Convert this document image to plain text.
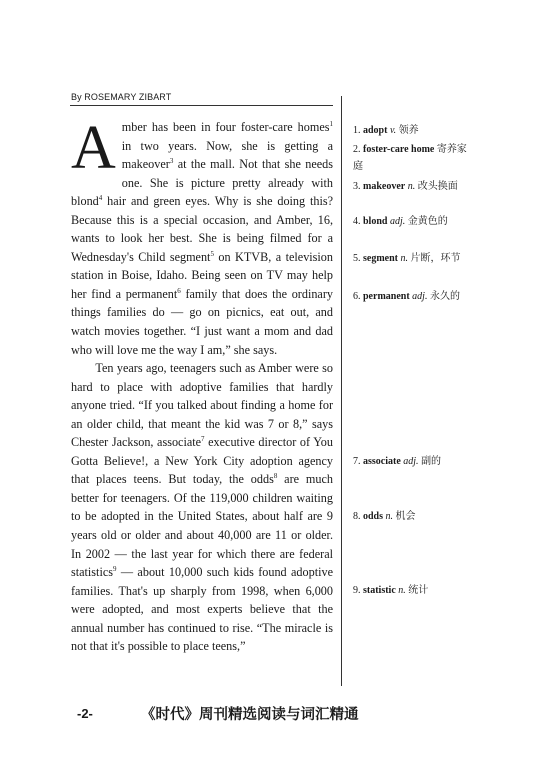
By ROSEMARY ZIBART

Amber has been in four foster-care homes$^1$ in two years. Now, she is getting a makeover$^3$ at the mall. Not that she needs one. She is picture pretty already with blond$^4$ hair and green eyes. Why is she doing this? Because this is a special occasion, and Amber, 16, wants to look her best. She is being filmed for a Wednesday's Child segment$^5$ on KTVB, a television station in Boise, Idaho. Being seen on TV may help her find a permanent$^6$ family that does the ordinary things families do — go on picnics, eat out, and watch movies together. “I just want a mom and dad who will love me the way I am,” she says.

Ten years ago, teenagers such as Amber were so hard to place with adoptive families that hardly anyone tried. “If you talked about finding a home for an older child, that meant the kid was 7 or 8,” says Chester Jackson, associate$^7$ executive director of You Gotta Believe!, a New York City adoption agency that places teens. But today, the odds$^8$ are much better for teenagers. Of the 119,000 children waiting to be adopted in the United States, about half are 9 years old or older and about 40,000 are 11 or older. In 2002 — the last year for which there are federal statistics$^9$ — about 10,000 such kids found adoptive families. That's up sharply from 1998, when 6,000 were adopted, and most experts believe that the annual number has continued to rise. “The miracle is not that it's possible to place teens,”

1. adopt v. 领养
2. foster-care home 寄养家庭
3. makeover n. 改头换面
4. blond adj. 金黄色的
5. segment n. 片断，环节
6. permanent adj. 永久的
7. associate adj. 副的
8. odds n. 机会
9. statistic n. 统计
-2-	《时代》周刊精选阅读与词汇精通
